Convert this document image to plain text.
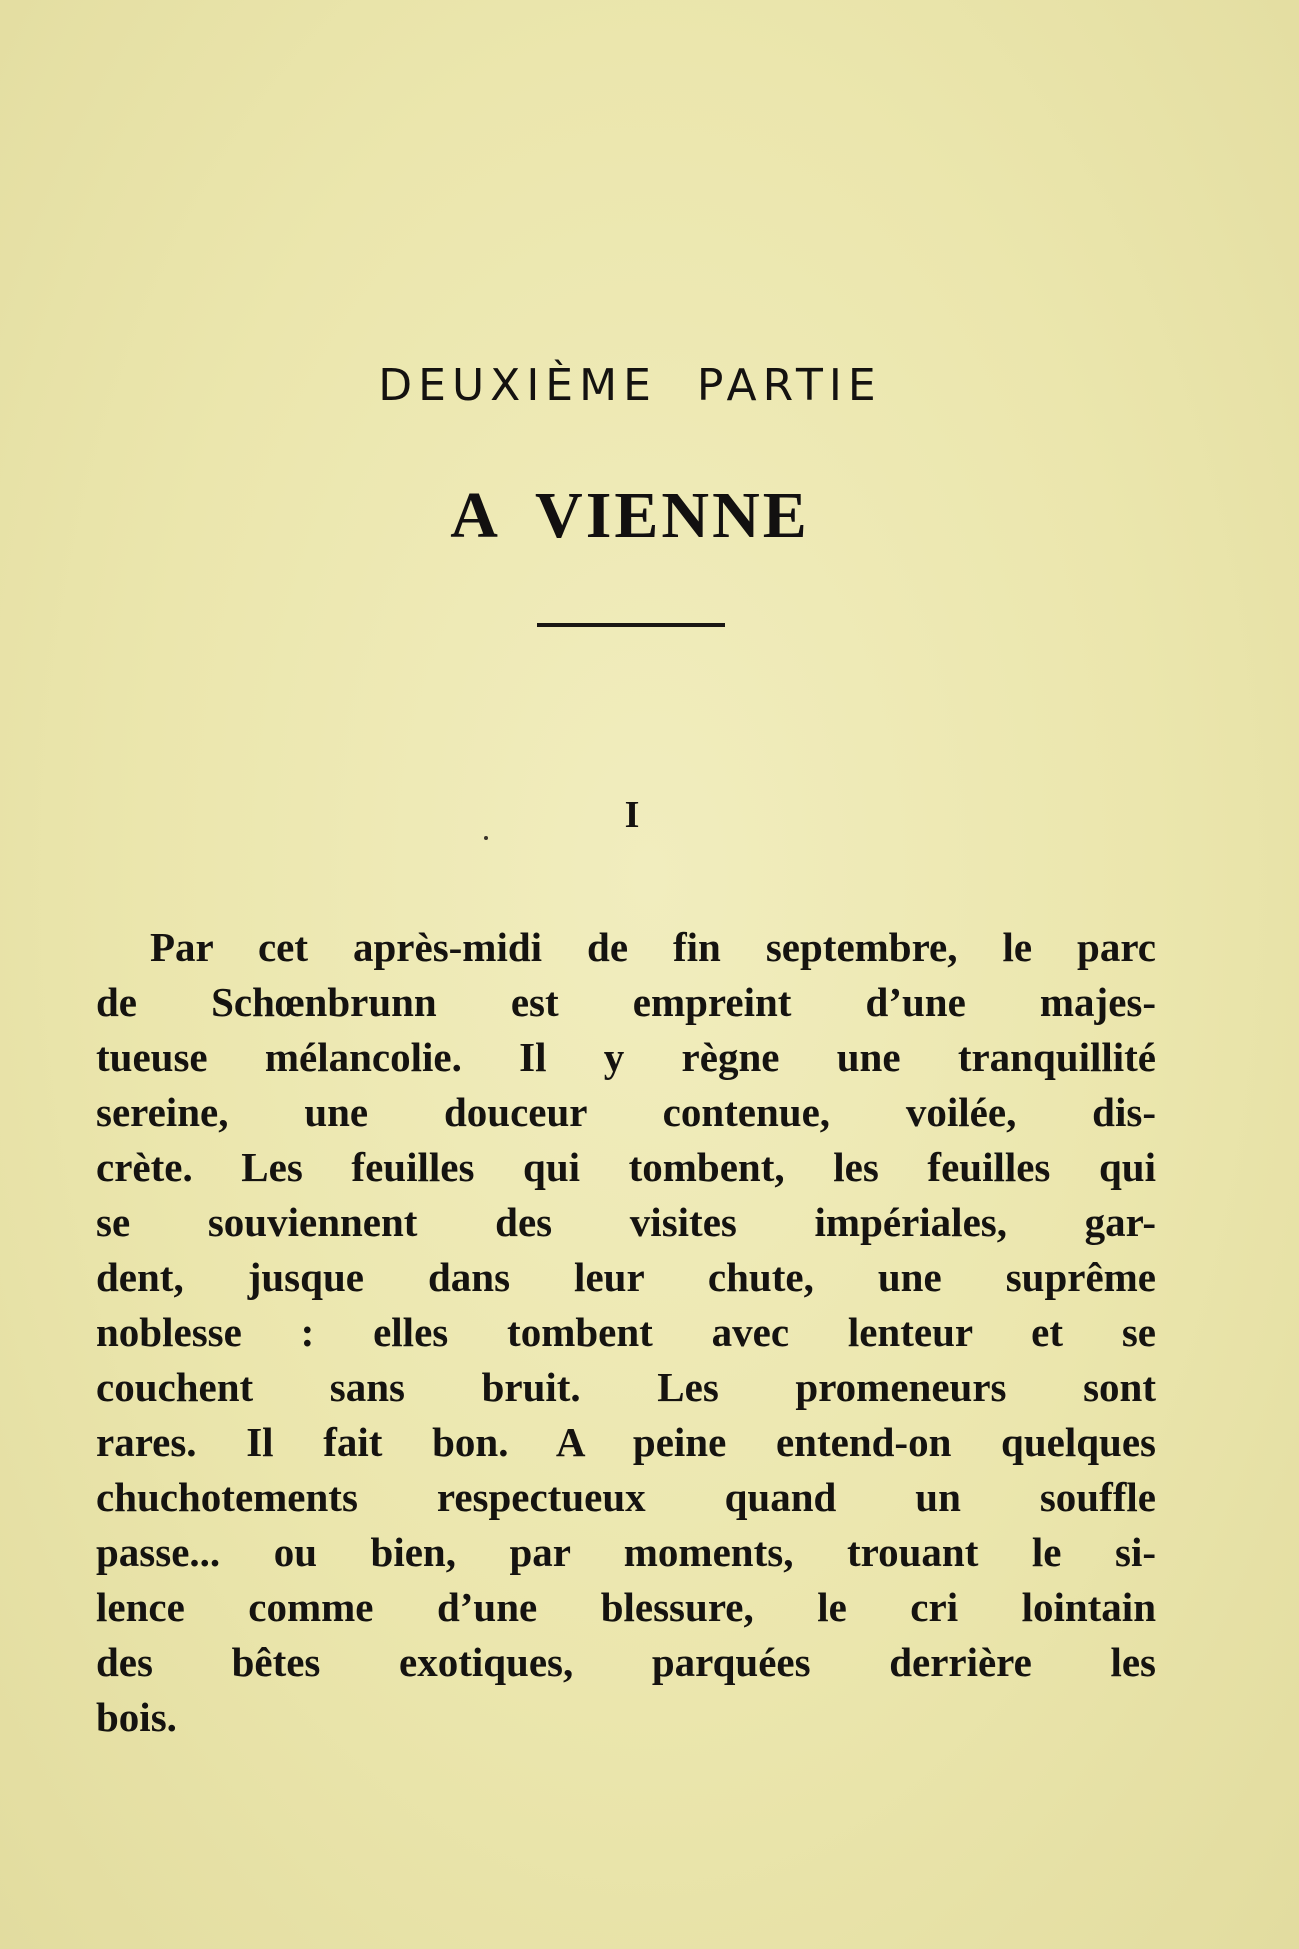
DEUXIÈME  PARTIE
A  VIENNE
I
Par cet après-midi de fin septembre, le parc
de Schœnbrunn est empreint d’une majes-
tueuse mélancolie. Il y règne une tranquillité
sereine, une douceur contenue, voilée, dis-
crète. Les feuilles qui tombent, les feuilles qui
se souviennent des visites impériales, gar-
dent, jusque dans leur chute, une suprême
noblesse : elles tombent avec lenteur et se
couchent sans bruit. Les promeneurs sont
rares. Il fait bon. A peine entend-on quelques
chuchotements respectueux quand un souffle
passe... ou bien, par moments, trouant le si-
lence comme d’une blessure, le cri lointain
des bêtes exotiques, parquées derrière les
bois.
